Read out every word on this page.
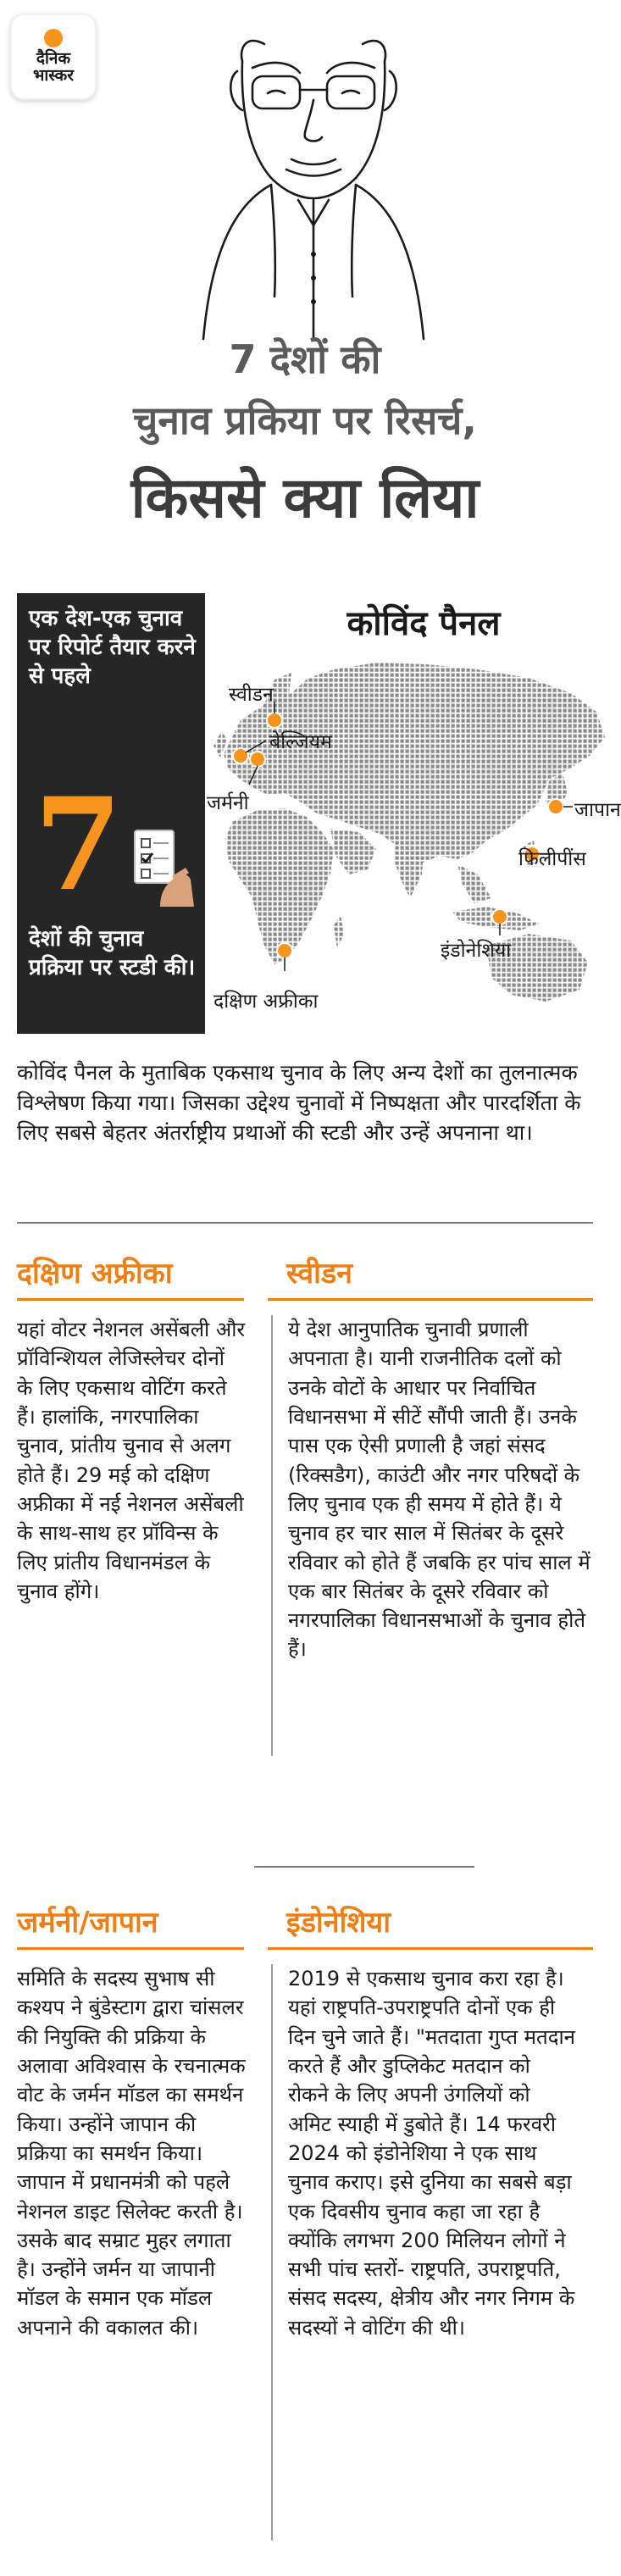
दैनिक
भास्कर
7 देशों की
चुनाव प्रकिया पर रिसर्च,
किससे क्या लिया
एक देश-एक चुनाव पर रिपोर्ट तैयार करने से पहले
7
देशों की चुनाव प्रक्रिया पर स्टडी की।
कोविंद पैनल
स्वीडन
बेल्जियम
जर्मनी	जापान
फिलीपींस
इंडोनेशिया
दक्षिण अफ्रीका
कोविंद पैनल के मुताबिक एकसाथ चुनाव के लिए अन्य देशों का तुलनात्मक विश्लेषण किया गया। जिसका उद्देश्य चुनावों में निष्पक्षता और पारदर्शिता के लिए सबसे बेहतर अंतर्राष्ट्रीय प्रथाओं की स्टडी और उन्हें अपनाना था।
दक्षिण अफ्रीका
यहां वोटर नेशनल असेंबली और प्रॉविन्शियल लेजिस्लेचर दोनों के लिए एकसाथ वोटिंग करते हैं। हालांकि, नगरपालिका चुनाव, प्रांतीय चुनाव से अलग होते हैं। 29 मई को दक्षिण अफ्रीका में नई नेशनल असेंबली के साथ-साथ हर प्रॉविन्स के लिए प्रांतीय विधानमंडल के चुनाव होंगे।
स्वीडन
ये देश आनुपातिक चुनावी प्रणाली अपनाता है। यानी राजनीतिक दलों को उनके वोटों के आधार पर निर्वाचित विधानसभा में सीटें सौंपी जाती हैं। उनके पास एक ऐसी प्रणाली है जहां संसद (रिक्सडैग), काउंटी और नगर परिषदों के लिए चुनाव एक ही समय में होते हैं। ये चुनाव हर चार साल में सितंबर के दूसरे रविवार को होते हैं जबकि हर पांच साल में एक बार सितंबर के दूसरे रविवार को नगरपालिका विधानसभाओं के चुनाव होते हैं।
जर्मनी/जापान
समिति के सदस्य सुभाष सी कश्यप ने बुंडेस्टाग द्वारा चांसलर की नियुक्ति की प्रक्रिया के अलावा अविश्वास के रचनात्मक वोट के जर्मन मॉडल का समर्थन किया। उन्होंने जापान की प्रक्रिया का समर्थन किया। जापान में प्रधानमंत्री को पहले नेशनल डाइट सिलेक्ट करती है। उसके बाद सम्राट मुहर लगाता है। उन्होंने जर्मन या जापानी मॉडल के समान एक मॉडल अपनाने की वकालत की।
इंडोनेशिया
2019 से एकसाथ चुनाव करा रहा है। यहां राष्ट्रपति-उपराष्ट्रपति दोनों एक ही दिन चुने जाते हैं। "मतदाता गुप्त मतदान करते हैं और डुप्लिकेट मतदान को रोकने के लिए अपनी उंगलियों को अमिट स्याही में डुबोते हैं। 14 फरवरी 2024 को इंडोनेशिया ने एक साथ चुनाव कराए। इसे दुनिया का सबसे बड़ा एक दिवसीय चुनाव कहा जा रहा है क्योंकि लगभग 200 मिलियन लोगों ने सभी पांच स्तरों- राष्ट्रपति, उपराष्ट्रपति, संसद सदस्य, क्षेत्रीय और नगर निगम के सदस्यों ने वोटिंग की थी।
